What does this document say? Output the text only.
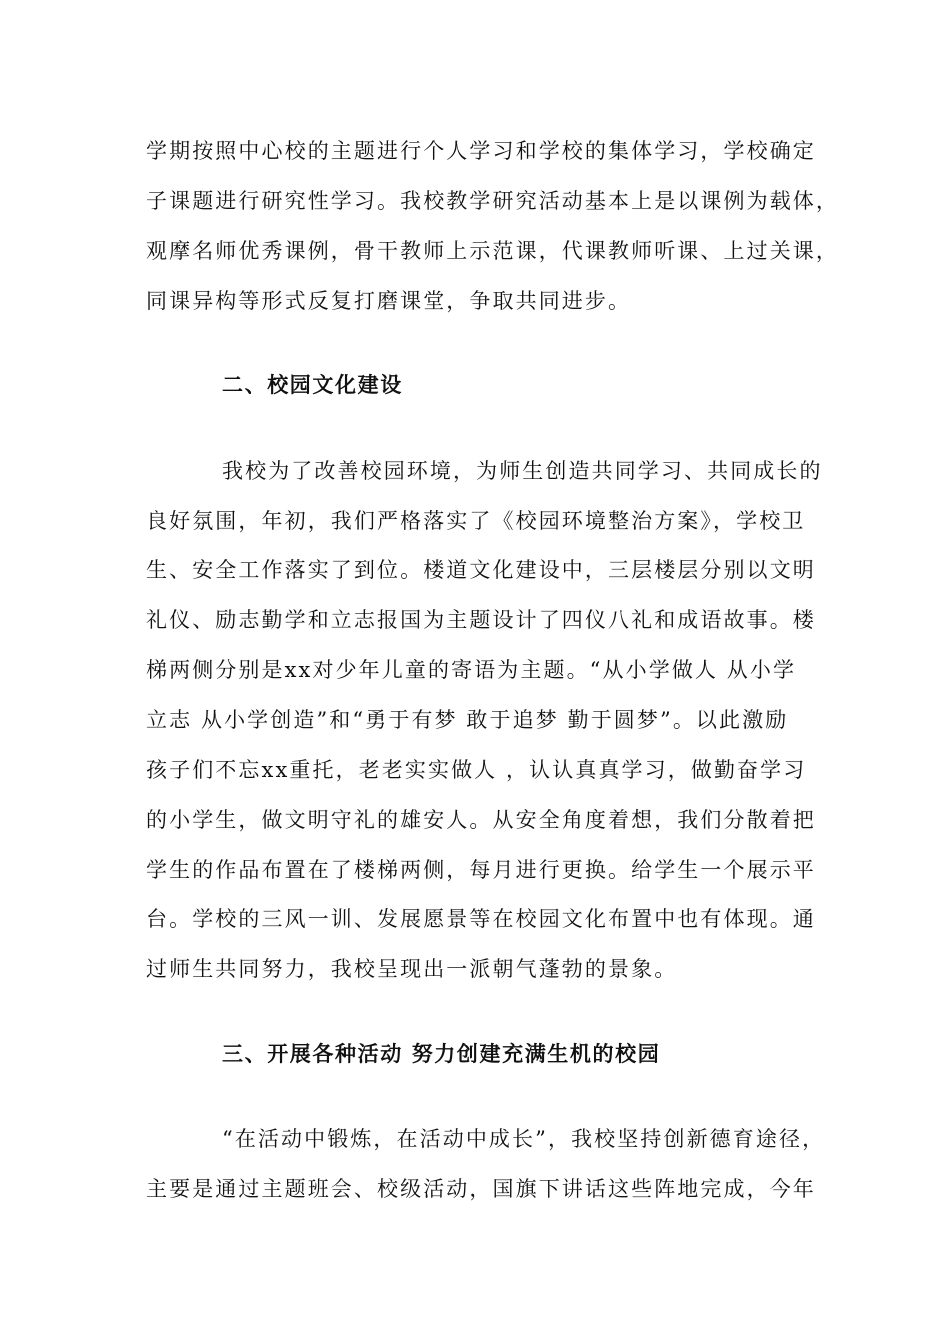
学期按照中心校的主题进行个人学习和学校的集体学习，学校确定
子课题进行研究性学习。我校教学研究活动基本上是以课例为载体，
观摩名师优秀课例，骨干教师上示范课，代课教师听课、上过关课，
同课异构等形式反复打磨课堂，争取共同进步。
二、校园文化建设
我校为了改善校园环境，为师生创造共同学习、共同成长的
良好氛围，年初，我们严格落实了《校园环境整治方案》，学校卫
生、安全工作落实了到位。楼道文化建设中，三层楼层分别以文明
礼仪、励志勤学和立志报国为主题设计了四仪八礼和成语故事。楼
梯两侧分别是xx对少年儿童的寄语为主题。“从小学做人 从小学
立志 从小学创造”和“勇于有梦 敢于追梦 勤于圆梦”。以此激励
孩子们不忘xx重托，老老实实做人 ，认认真真学习，做勤奋学习
的小学生，做文明守礼的雄安人。从安全角度着想，我们分散着把
学生的作品布置在了楼梯两侧，每月进行更换。给学生一个展示平
台。学校的三风一训、发展愿景等在校园文化布置中也有体现。通
过师生共同努力，我校呈现出一派朝气蓬勃的景象。
三、开展各种活动 努力创建充满生机的校园
“在活动中锻炼，在活动中成长”，我校坚持创新德育途径，
主要是通过主题班会、校级活动，国旗下讲话这些阵地完成，今年
